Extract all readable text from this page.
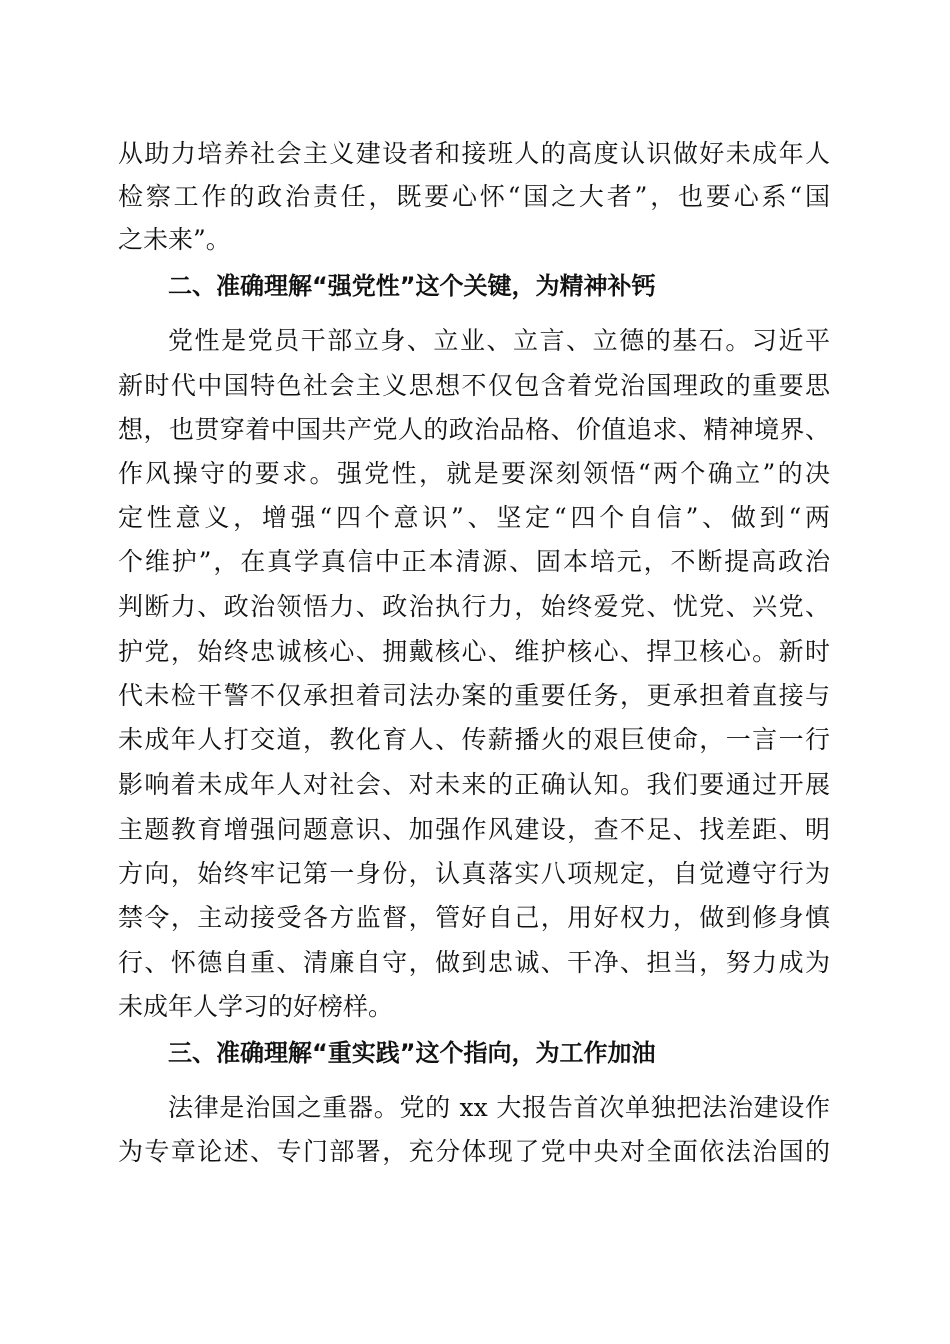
从助力培养社会主义建设者和接班人的高度认识做好未成年人
检察工作的政治责任，既要心怀“国之大者”，也要心系“国
之未来”。
二、准确理解“强党性”这个关键，为精神补钙
党性是党员干部立身、立业、立言、立德的基石。习近平
新时代中国特色社会主义思想不仅包含着党治国理政的重要思
想，也贯穿着中国共产党人的政治品格、价值追求、精神境界、
作风操守的要求。强党性，就是要深刻领悟“两个确立”的决
定性意义，增强“四个意识”、坚定“四个自信”、做到“两
个维护”，在真学真信中正本清源、固本培元，不断提高政治
判断力、政治领悟力、政治执行力，始终爱党、忧党、兴党、
护党，始终忠诚核心、拥戴核心、维护核心、捍卫核心。新时
代未检干警不仅承担着司法办案的重要任务，更承担着直接与
未成年人打交道，教化育人、传薪播火的艰巨使命，一言一行
影响着未成年人对社会、对未来的正确认知。我们要通过开展
主题教育增强问题意识、加强作风建设，查不足、找差距、明
方向，始终牢记第一身份，认真落实八项规定，自觉遵守行为
禁令，主动接受各方监督，管好自己，用好权力，做到修身慎
行、怀德自重、清廉自守，做到忠诚、干净、担当，努力成为
未成年人学习的好榜样。
三、准确理解“重实践”这个指向，为工作加油
法律是治国之重器。党的 xx 大报告首次单独把法治建设作
为专章论述、专门部署，充分体现了党中央对全面依法治国的
